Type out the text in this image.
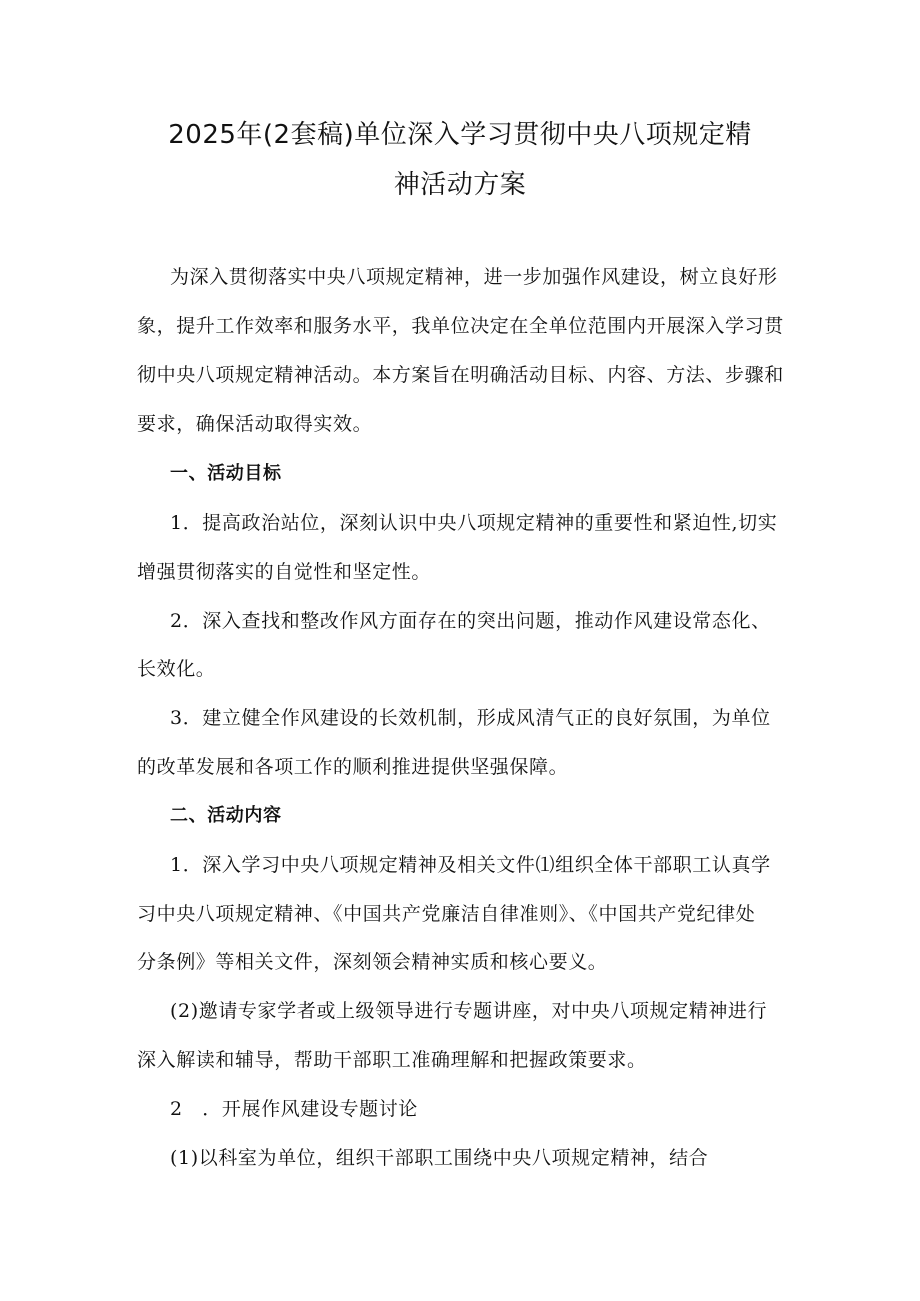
2025年(2套稿)单位深入学习贯彻中央八项规定精
神活动方案
为深入贯彻落实中央八项规定精神，进一步加强作风建设，树立良好形
象，提升工作效率和服务水平，我单位决定在全单位范围内开展深入学习贯
彻中央八项规定精神活动。本方案旨在明确活动目标、内容、方法、步骤和
要求，确保活动取得实效。
一、活动目标
1．提高政治站位，深刻认识中央八项规定精神的重要性和紧迫性,切实
增强贯彻落实的自觉性和坚定性。
2．深入查找和整改作风方面存在的突出问题，推动作风建设常态化、
长效化。
3．建立健全作风建设的长效机制，形成风清气正的良好氛围，为单位
的改革发展和各项工作的顺利推进提供坚强保障。
二、活动内容
1．深入学习中央八项规定精神及相关文件⑴组织全体干部职工认真学
习中央八项规定精神、《中国共产党廉洁自律准则》、《中国共产党纪律处
分条例》等相关文件，深刻领会精神实质和核心要义。
(2)邀请专家学者或上级领导进行专题讲座，对中央八项规定精神进行
深入解读和辅导，帮助干部职工准确理解和把握政策要求。
2　．开展作风建设专题讨论
(1)以科室为单位，组织干部职工围绕中央八项规定精神，结合
